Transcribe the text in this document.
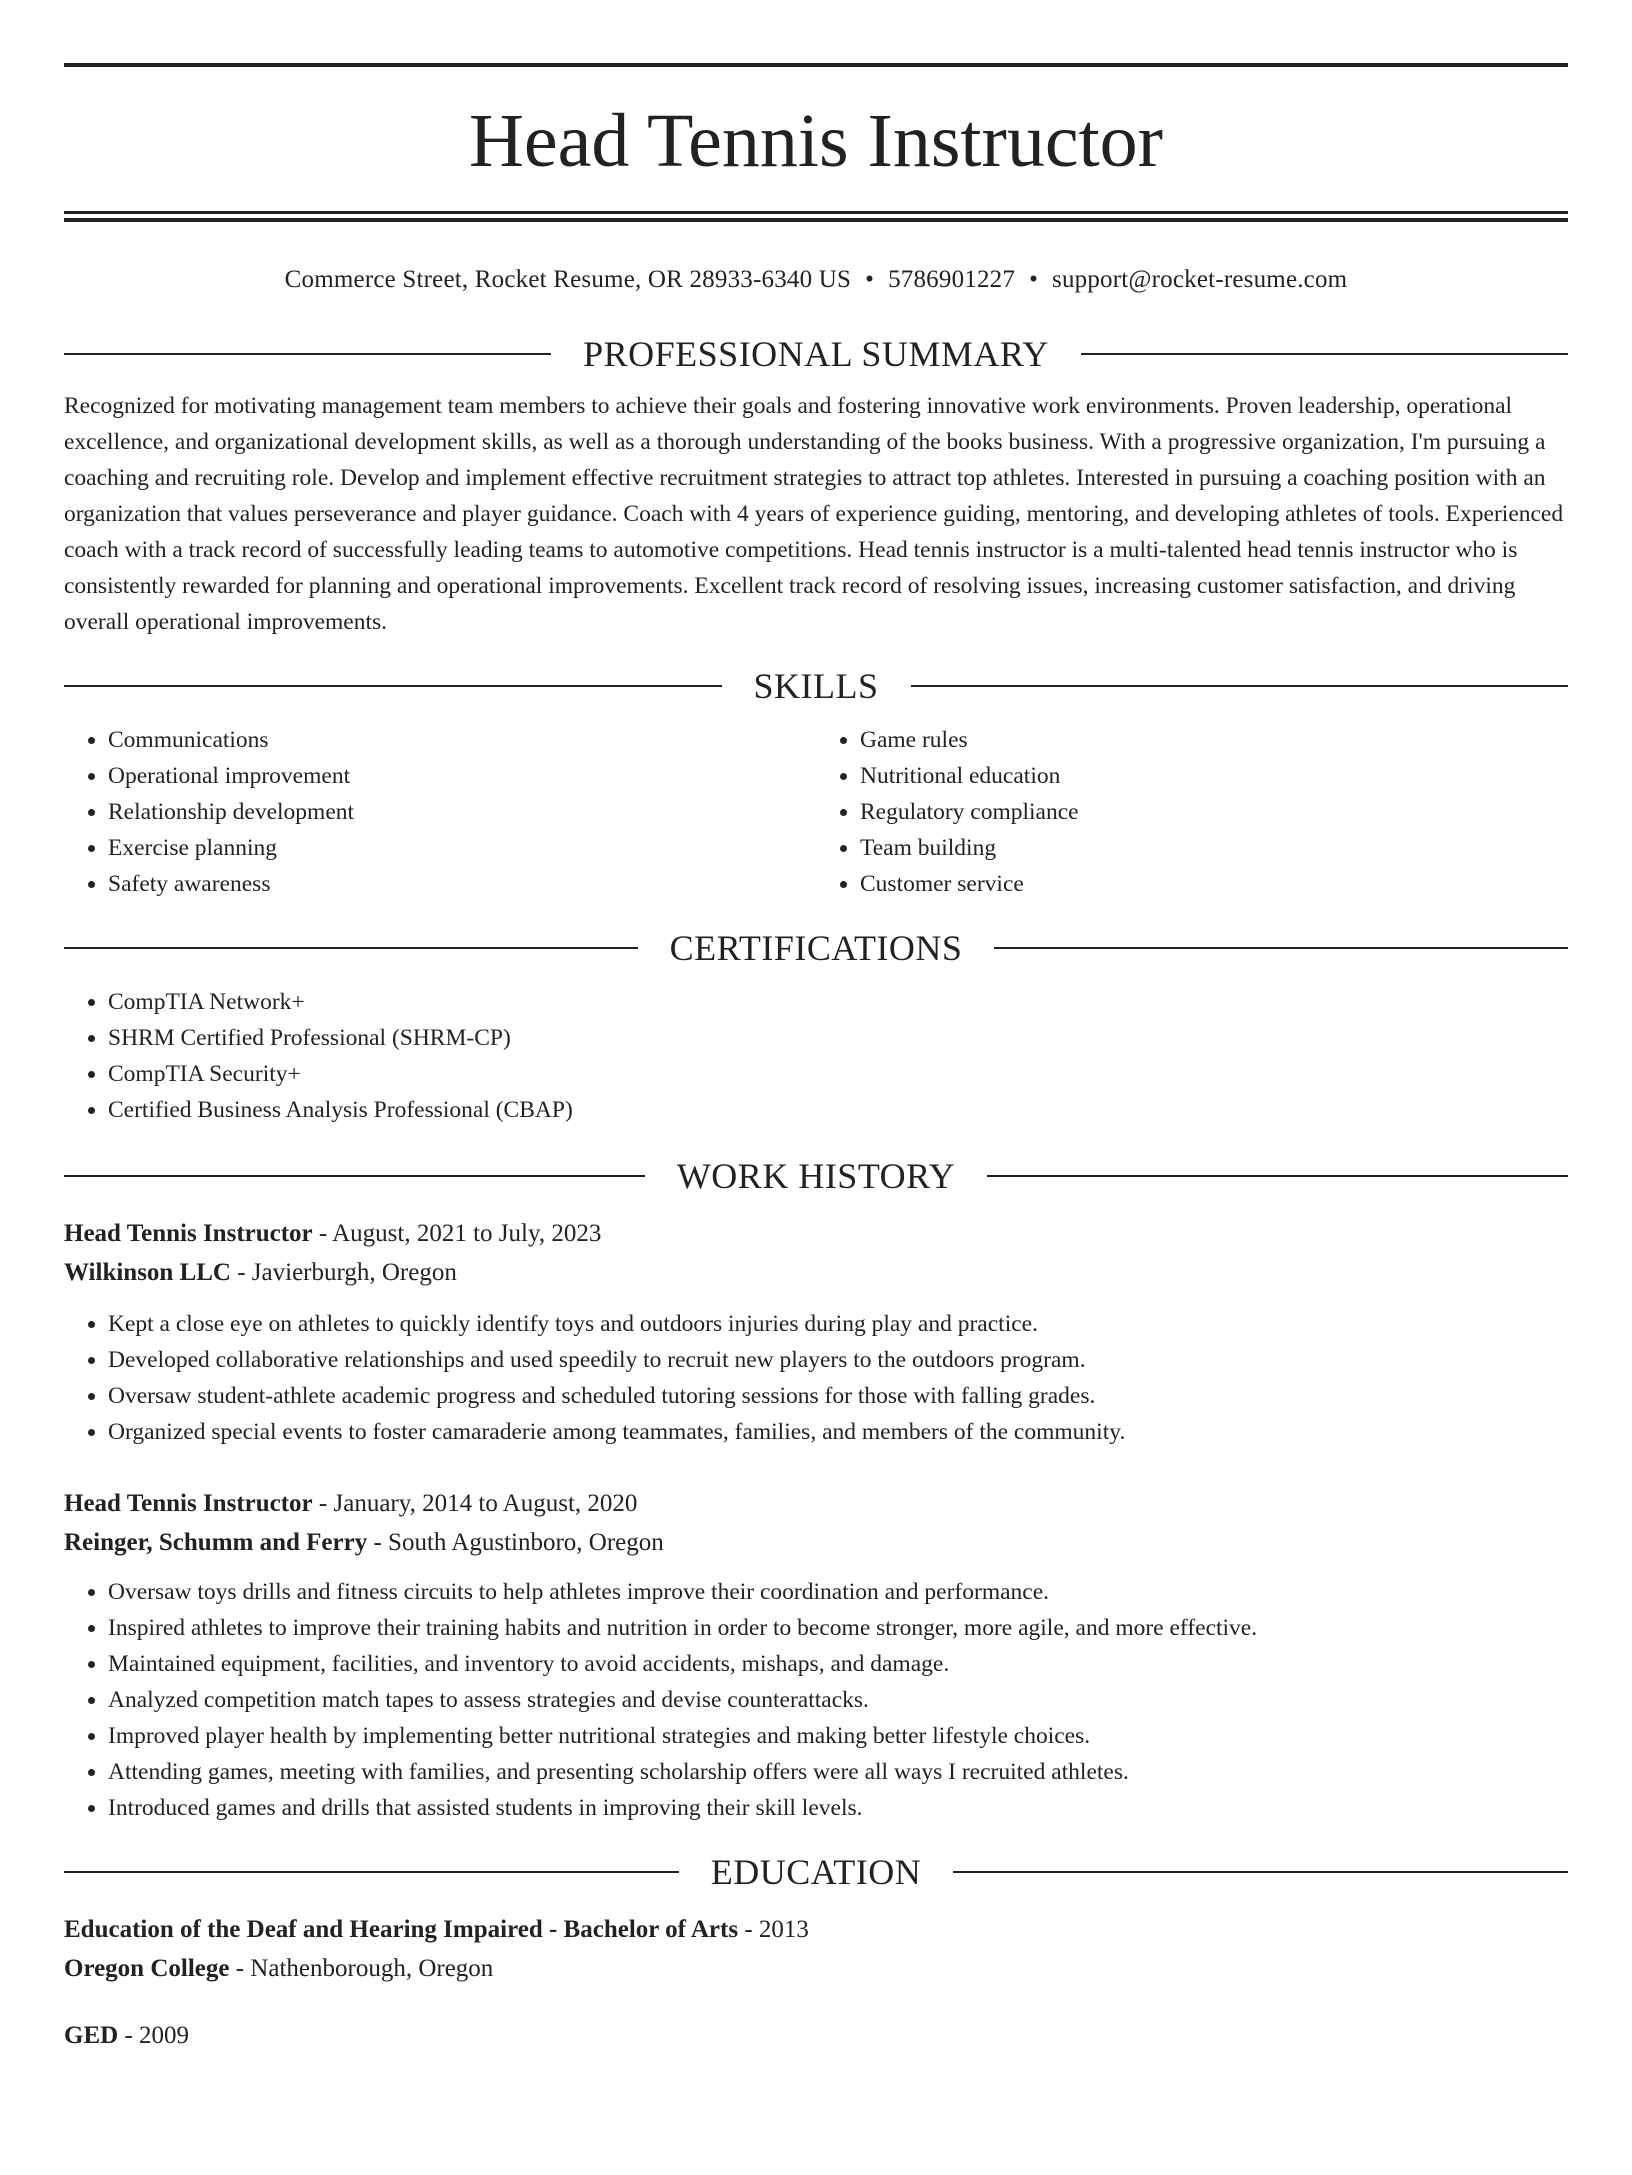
Head Tennis Instructor
Commerce Street, Rocket Resume, OR 28933-6340 US • 5786901227 • support@rocket-resume.com
PROFESSIONAL SUMMARY

Recognized for motivating management team members to achieve their goals and fostering innovative work environments. Proven leadership, operational excellence, and organizational development skills, as well as a thorough understanding of the books business. With a progressive organization, I'm pursuing a coaching and recruiting role. Develop and implement effective recruitment strategies to attract top athletes. Interested in pursuing a coaching position with an organization that values perseverance and player guidance. Coach with 4 years of experience guiding, mentoring, and developing athletes of tools. Experienced coach with a track record of successfully leading teams to automotive competitions. Head tennis instructor is a multi-talented head tennis instructor who is consistently rewarded for planning and operational improvements. Excellent track record of resolving issues, increasing customer satisfaction, and driving overall operational improvements.

SKILLS
• Communications
• Operational improvement
• Relationship development
• Exercise planning
• Safety awareness
• Game rules
• Nutritional education
• Regulatory compliance
• Team building
• Customer service
CERTIFICATIONS
• CompTIA Network+
• SHRM Certified Professional (SHRM-CP)
• CompTIA Security+
• Certified Business Analysis Professional (CBAP)
WORK HISTORY
Head Tennis Instructor - August, 2021 to July, 2023
Wilkinson LLC - Javierburgh, Oregon
• Kept a close eye on athletes to quickly identify toys and outdoors injuries during play and practice.
• Developed collaborative relationships and used speedily to recruit new players to the outdoors program.
• Oversaw student-athlete academic progress and scheduled tutoring sessions for those with falling grades.
• Organized special events to foster camaraderie among teammates, families, and members of the community.
Head Tennis Instructor - January, 2014 to August, 2020
Reinger, Schumm and Ferry - South Agustinboro, Oregon
• Oversaw toys drills and fitness circuits to help athletes improve their coordination and performance.
• Inspired athletes to improve their training habits and nutrition in order to become stronger, more agile, and more effective.
• Maintained equipment, facilities, and inventory to avoid accidents, mishaps, and damage.
• Analyzed competition match tapes to assess strategies and devise counterattacks.
• Improved player health by implementing better nutritional strategies and making better lifestyle choices.
• Attending games, meeting with families, and presenting scholarship offers were all ways I recruited athletes.
• Introduced games and drills that assisted students in improving their skill levels.
EDUCATION
Education of the Deaf and Hearing Impaired - Bachelor of Arts - 2013
Oregon College - Nathenborough, Oregon
GED - 2009
